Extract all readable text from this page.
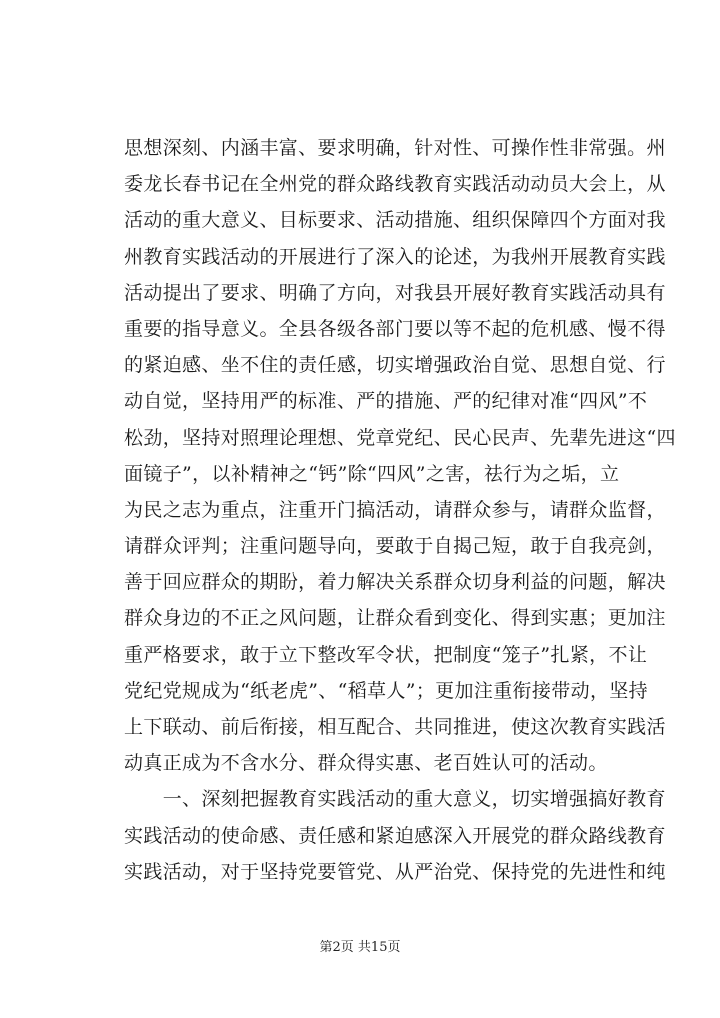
思想深刻、内涵丰富、要求明确，针对性、可操作性非常强。州
委龙长春书记在全州党的群众路线教育实践活动动员大会上，从
活动的重大意义、目标要求、活动措施、组织保障四个方面对我
州教育实践活动的开展进行了深入的论述，为我州开展教育实践
活动提出了要求、明确了方向，对我县开展好教育实践活动具有
重要的指导意义。全县各级各部门要以等不起的危机感、慢不得
的紧迫感、坐不住的责任感，切实增强政治自觉、思想自觉、行
动自觉，坚持用严的标准、严的措施、严的纪律对准“四风”不
松劲，坚持对照理论理想、党章党纪、民心民声、先辈先进这“四
面镜子”，以补精神之“钙”除“四风”之害，祛行为之垢，立
为民之志为重点，注重开门搞活动，请群众参与，请群众监督，
请群众评判；注重问题导向，要敢于自揭己短，敢于自我亮剑，
善于回应群众的期盼，着力解决关系群众切身利益的问题，解决
群众身边的不正之风问题，让群众看到变化、得到实惠；更加注
重严格要求，敢于立下整改军令状，把制度“笼子”扎紧，不让
党纪党规成为“纸老虎”、“稻草人”；更加注重衔接带动，坚持
上下联动、前后衔接，相互配合、共同推进，使这次教育实践活
动真正成为不含水分、群众得实惠、老百姓认可的活动。
　　一、深刻把握教育实践活动的重大意义，切实增强搞好教育
实践活动的使命感、责任感和紧迫感深入开展党的群众路线教育
实践活动，对于坚持党要管党、从严治党、保持党的先进性和纯
第2页 共15页
